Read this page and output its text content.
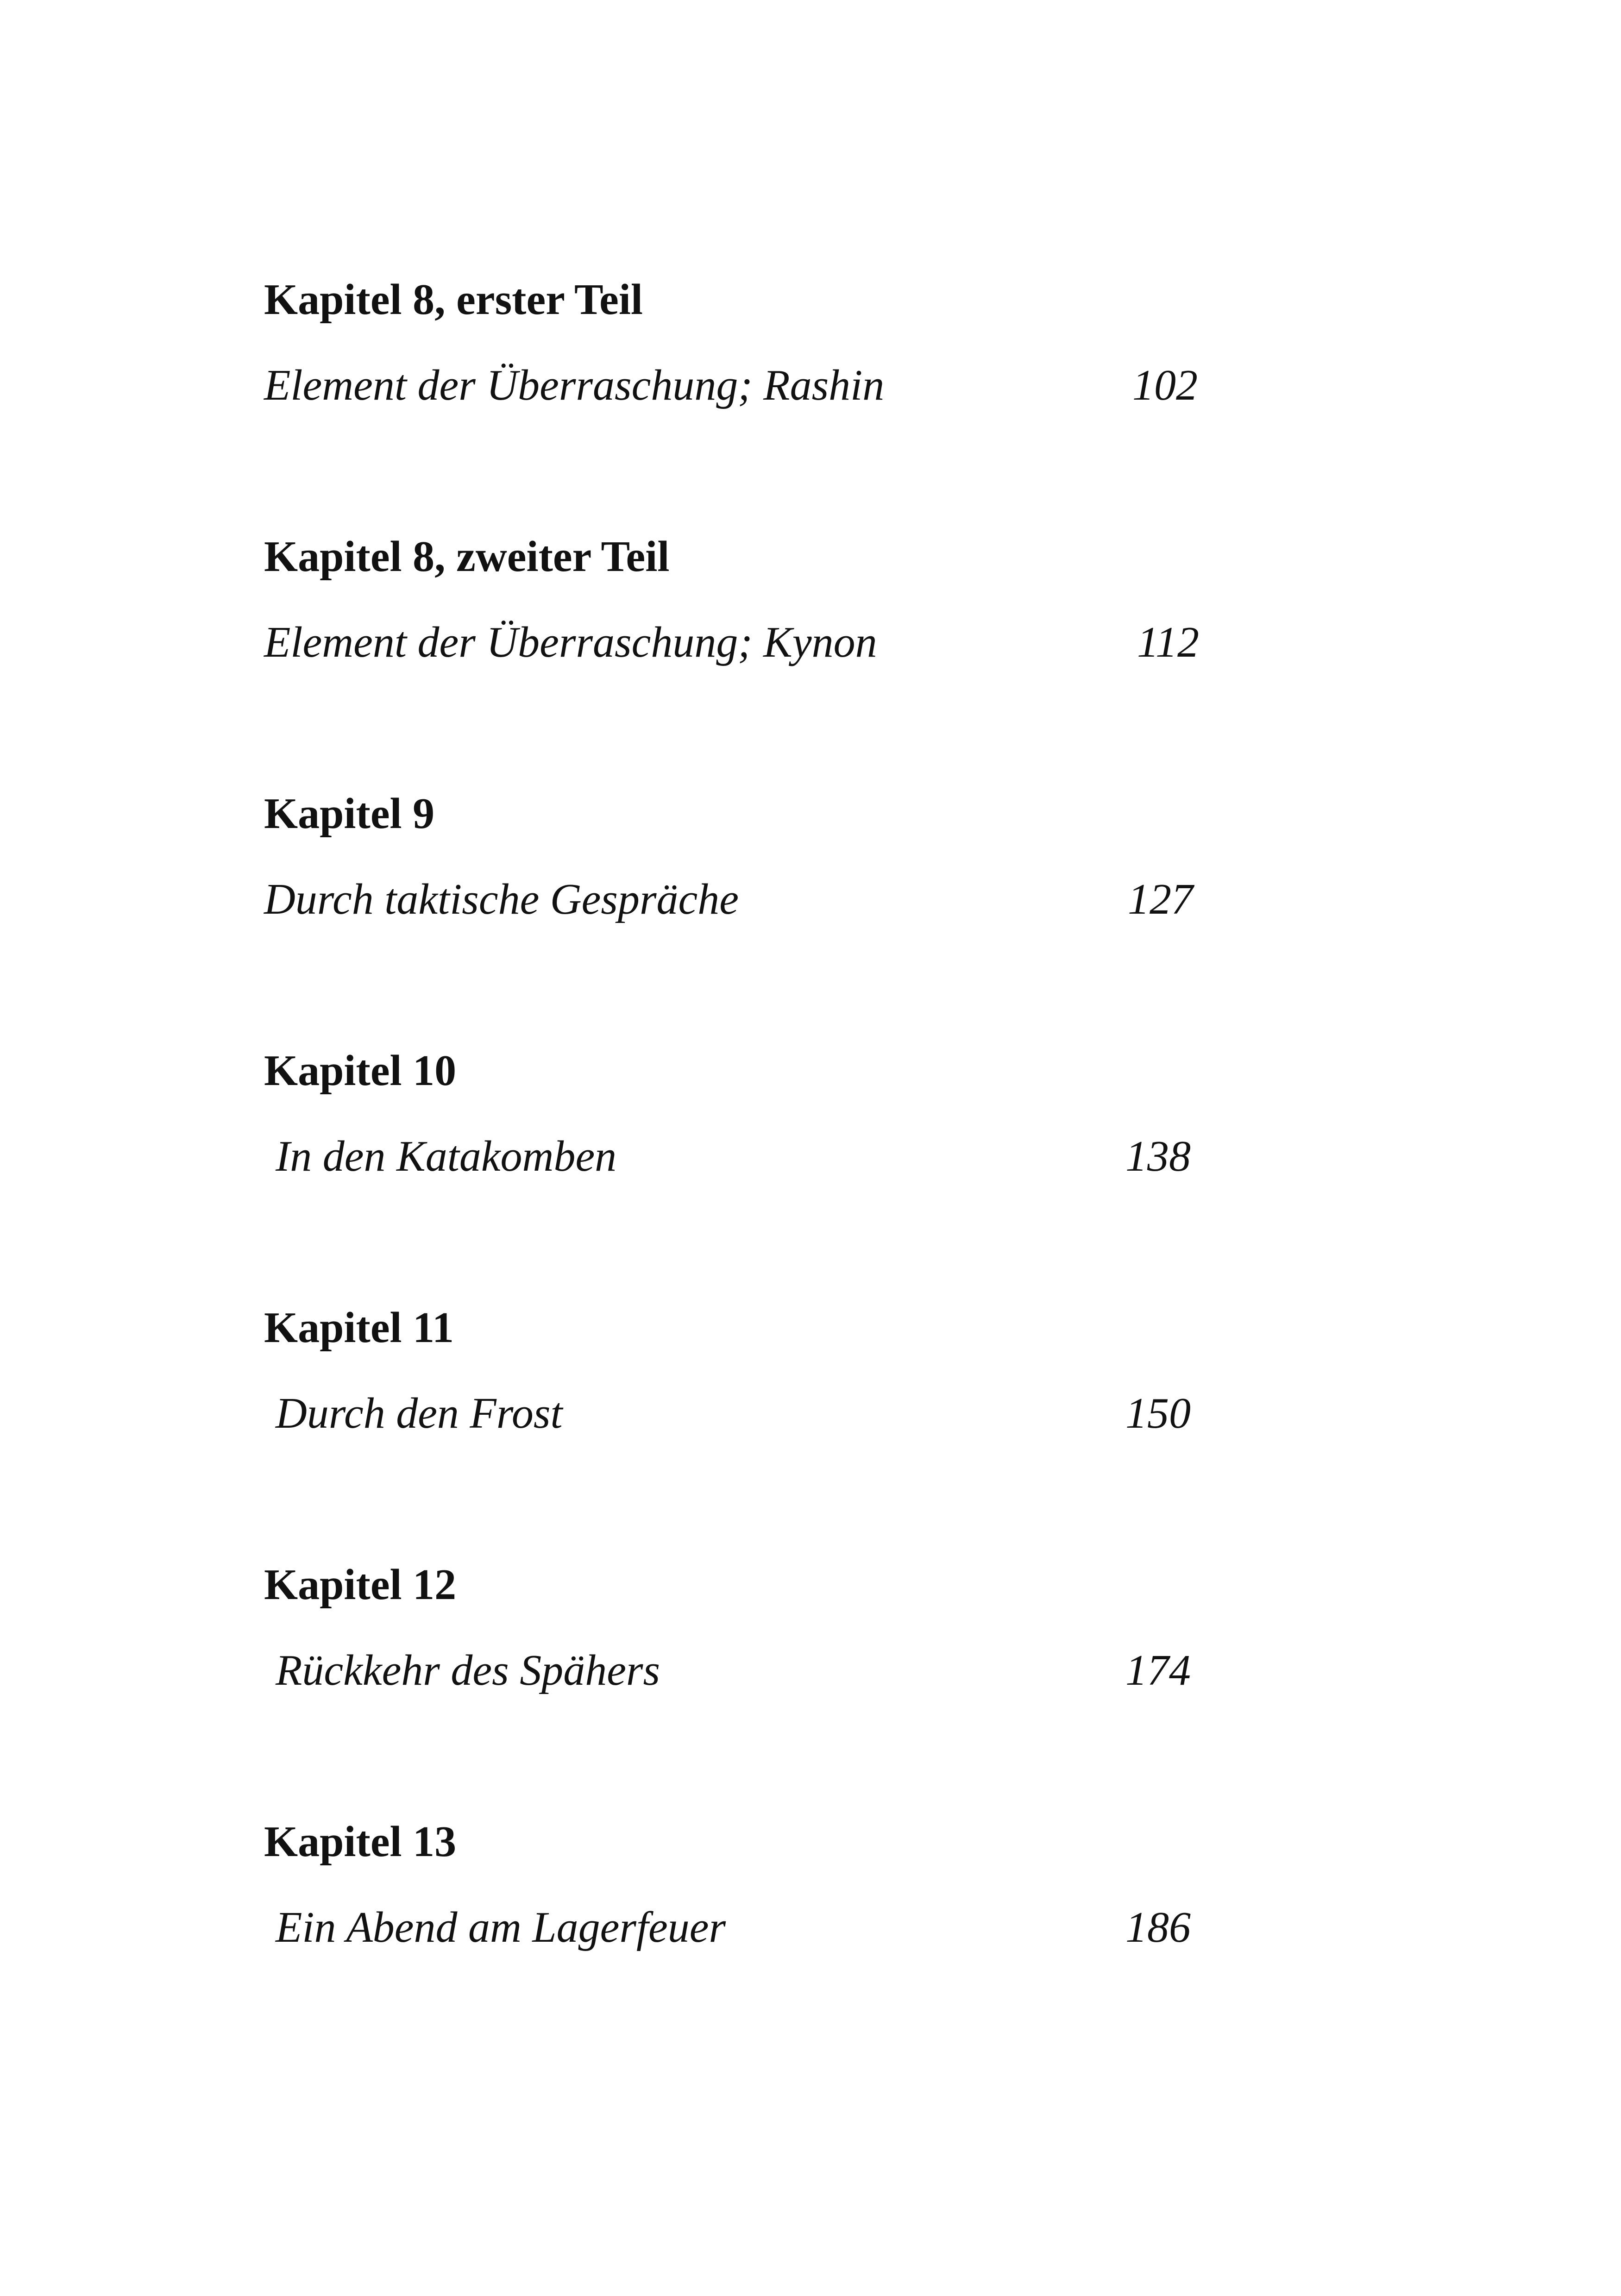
Kapitel 8, erster Teil
Element der Überraschung; Rashin	102
Kapitel 8, zweiter Teil
Element der Überraschung; Kynon	112
Kapitel 9
Durch taktische Gespräche	127
Kapitel 10
In den Katakomben	138
Kapitel 11
Durch den Frost	150
Kapitel 12
Rückkehr des Spähers	174
Kapitel 13
Ein Abend am Lagerfeuer	186
